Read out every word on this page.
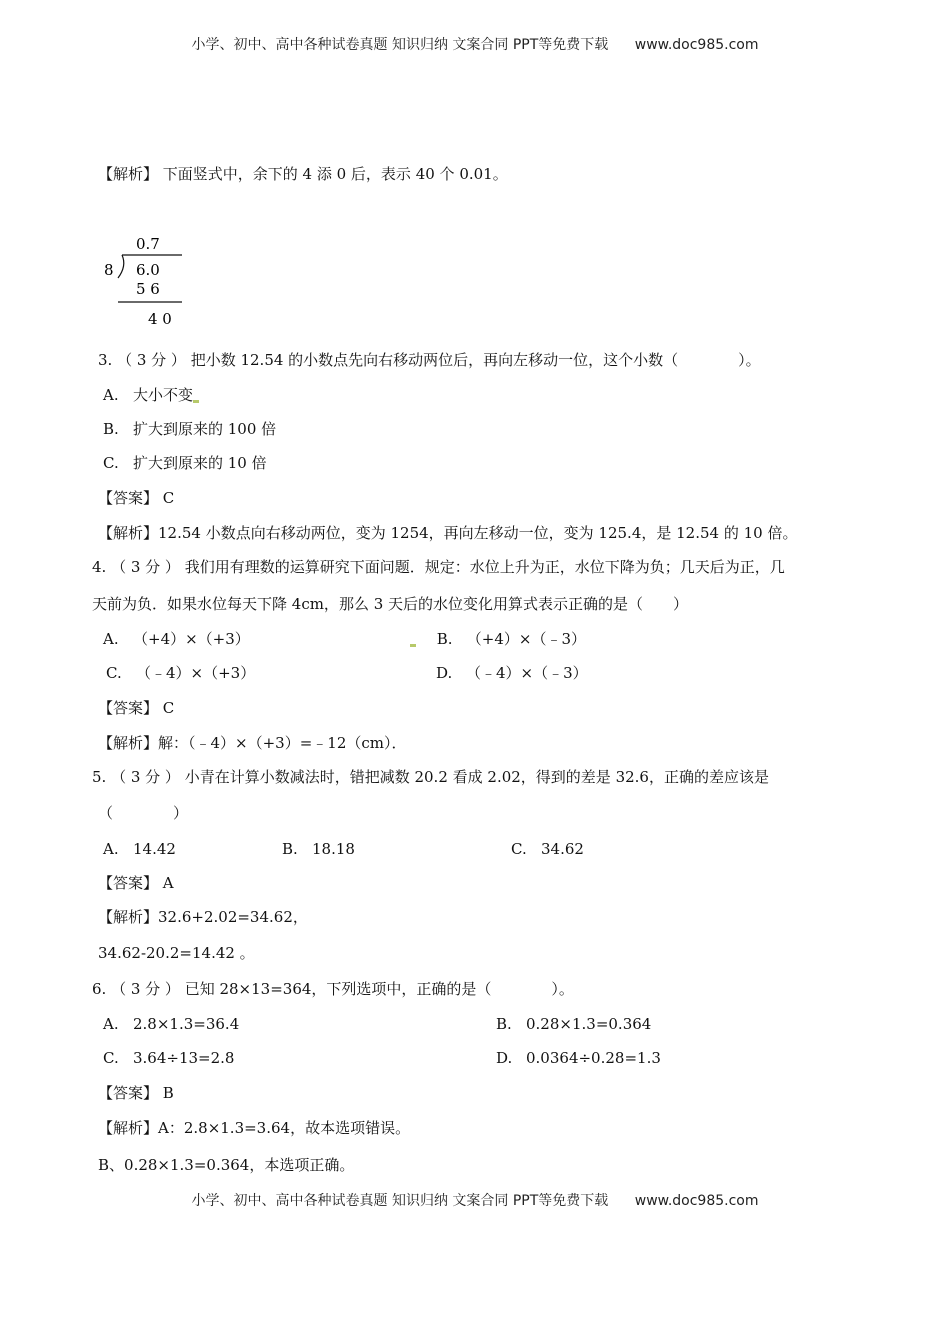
小学、初中、高中各种试卷真题 知识归纳 文案合同 PPT等免费下载 www.doc985.com
【解析】 下面竖式中，余下的 4 添 0 后，表示 40 个 0.01。
0.7
8 6.0
5 6
4 0
3. （ 3 分 ） 把小数 12.54 的小数点先向右移动两位后，再向左移动一位，这个小数（　　　　）。
A. 大小不变
B. 扩大到原来的 100 倍
C. 扩大到原来的 10 倍
【答案】 C
【解析】12.54 小数点向右移动两位，变为 1254，再向左移动一位，变为 125.4，是 12.54 的 10 倍。
4. （ 3 分 ） 我们用有理数的运算研究下面问题．规定：水位上升为正，水位下降为负；几天后为正，几
天前为负．如果水位每天下降 4cm，那么 3 天后的水位变化用算式表示正确的是（　　）
A. （+4）×（+3）	B. （+4）×（﹣3）
C. （﹣4）×（+3）	D. （﹣4）×（﹣3）
【答案】 C
【解析】解：（﹣4）×（+3）=﹣12（cm）．
5. （ 3 分 ） 小青在计算小数减法时，错把减数 20.2 看成 2.02，得到的差是 32.6，正确的差应该是
（　　　　）
A. 14.42	B. 18.18	C. 34.62
【答案】 A
【解析】32.6+2.02=34.62，
34.62-20.2=14.42 。
6. （ 3 分 ） 已知 28×13=364，下列选项中，正确的是（　　　　）。
A. 2.8×1.3=36.4	B. 0.28×1.3=0.364
C. 3.64÷13=2.8	D. 0.0364÷0.28=1.3
【答案】 B
【解析】A：2.8×1.3=3.64，故本选项错误。
B、0.28×1.3=0.364，本选项正确。
小学、初中、高中各种试卷真题 知识归纳 文案合同 PPT等免费下载 www.doc985.com
